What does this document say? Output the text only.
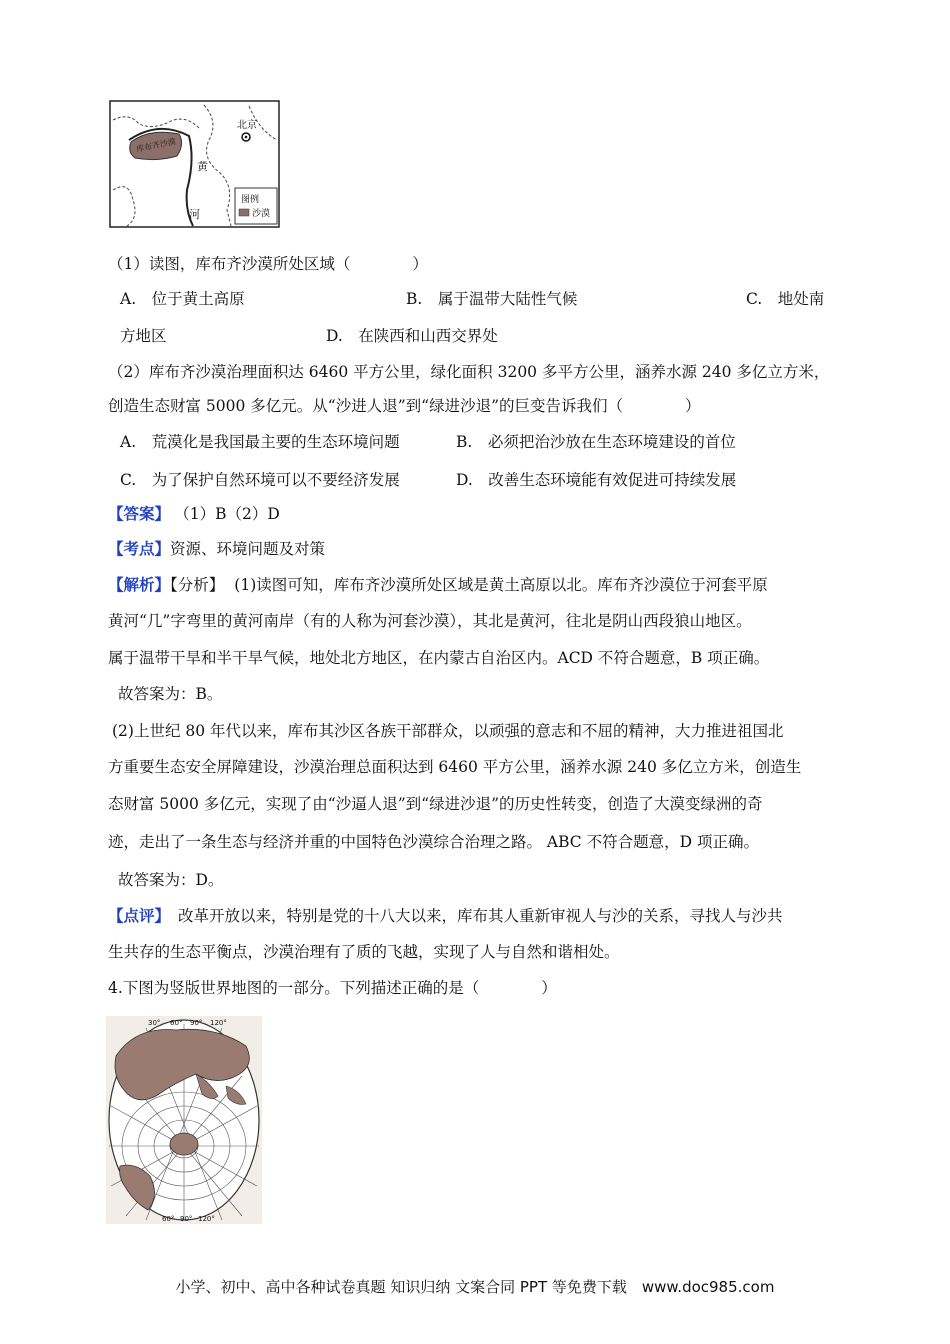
北京
库布齐沙漠
黄
河
图例
沙漠
（1）读图，库布齐沙漠所处区域（　　　　）
A.　位于黄土高原	B.　属于温带大陆性气候	C.　地处南
方地区	D.　在陕西和山西交界处
（2）库布齐沙漠治理面积达 6460 平方公里，绿化面积 3200 多平方公里，涵养水源 240 多亿立方米，
创造生态财富 5000 多亿元。从“沙进人退”到“绿进沙退”的巨变告诉我们（　　　　）
A.　荒漠化是我国最主要的生态环境问题	B.　必须把治沙放在生态环境建设的首位
C.　为了保护自然环境可以不要经济发展	D.　改善生态环境能有效促进可持续发展
【答案】 （1）B（2）D
【考点】资源、环境问题及对策
【解析】【分析】 (1)读图可知，库布齐沙漠所处区域是黄土高原以北。库布齐沙漠位于河套平原
黄河“几”字弯里的黄河南岸（有的人称为河套沙漠），其北是黄河，往北是阴山西段狼山地区。
属于温带干旱和半干旱气候，地处北方地区，在内蒙古自治区内。ACD 不符合题意，B 项正确。
故答案为：B。
(2)上世纪 80 年代以来，库布其沙区各族干部群众，以顽强的意志和不屈的精神，大力推进祖国北
方重要生态安全屏障建设，沙漠治理总面积达到 6460 平方公里，涵养水源 240 多亿立方米，创造生
态财富 5000 多亿元，实现了由“沙逼人退”到“绿进沙退”的历史性转变，创造了大漠变绿洲的奇
迹，走出了一条生态与经济并重的中国特色沙漠综合治理之路。 ABC 不符合题意，D 项正确。
故答案为：D。
【点评】 改革开放以来，特别是党的十八大以来，库布其人重新审视人与沙的关系，寻找人与沙共
生共存的生态平衡点，沙漠治理有了质的飞越，实现了人与自然和谐相处。
4.下图为竖版世界地图的一部分。下列描述正确的是（　　　　）
30° 60° 90° 120°
60° 90° 120°
小学、初中、高中各种试卷真题 知识归纳 文案合同 PPT 等免费下载　www.doc985.com
